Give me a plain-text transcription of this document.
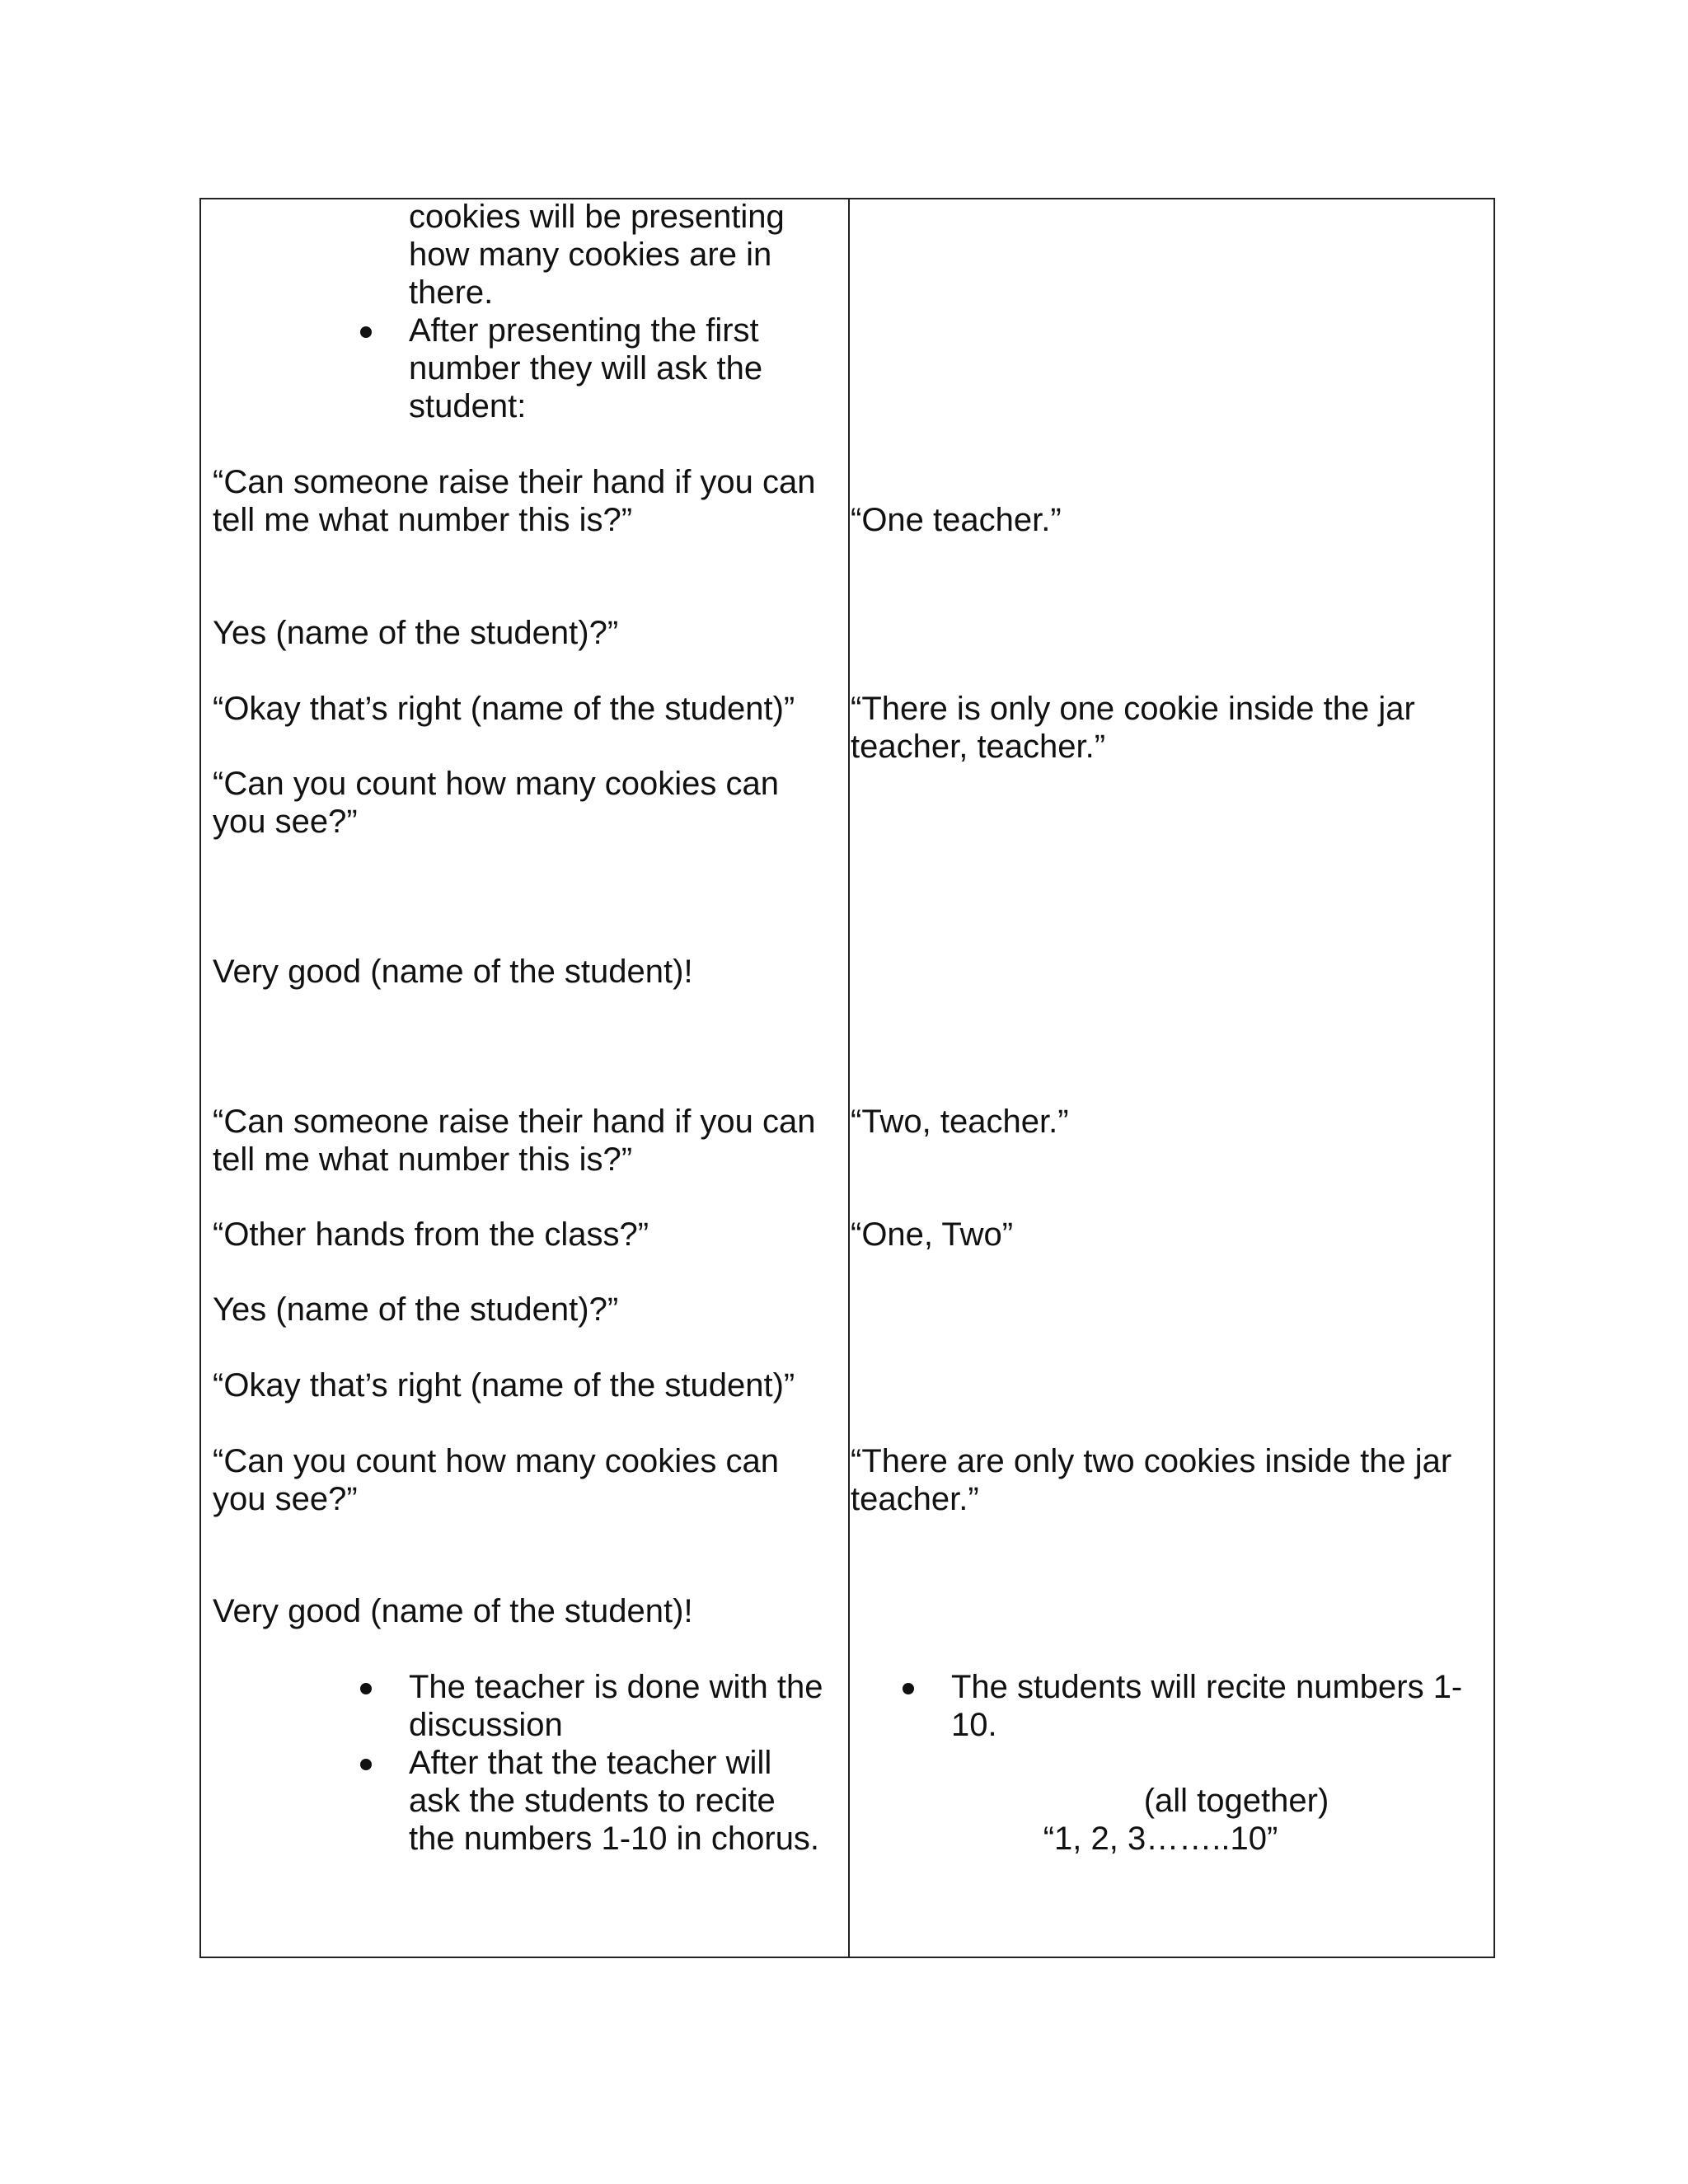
cookies will be presenting

how many cookies are in

there.

After presenting the first

number they will ask the

student:

“Can someone raise their hand if you can

tell me what number this is?”

Yes (name of the student)?”

“Okay that’s right (name of the student)”

“Can you count how many cookies can

you see?”

Very good (name of the student)!

“Can someone raise their hand if you can

tell me what number this is?”

“Other hands from the class?”

Yes (name of the student)?”

“Okay that’s right (name of the student)”

“Can you count how many cookies can

you see?”

Very good (name of the student)!

The teacher is done with the

discussion

After that the teacher will

ask the students to recite

the numbers 1-10 in chorus.

“One teacher.”

“There is only one cookie inside the jar

teacher, teacher.”

“Two, teacher.”

“One, Two”

“There are only two cookies inside the jar

teacher.”

The students will recite numbers 1-

10.

(all together)

“1, 2, 3……..10”
